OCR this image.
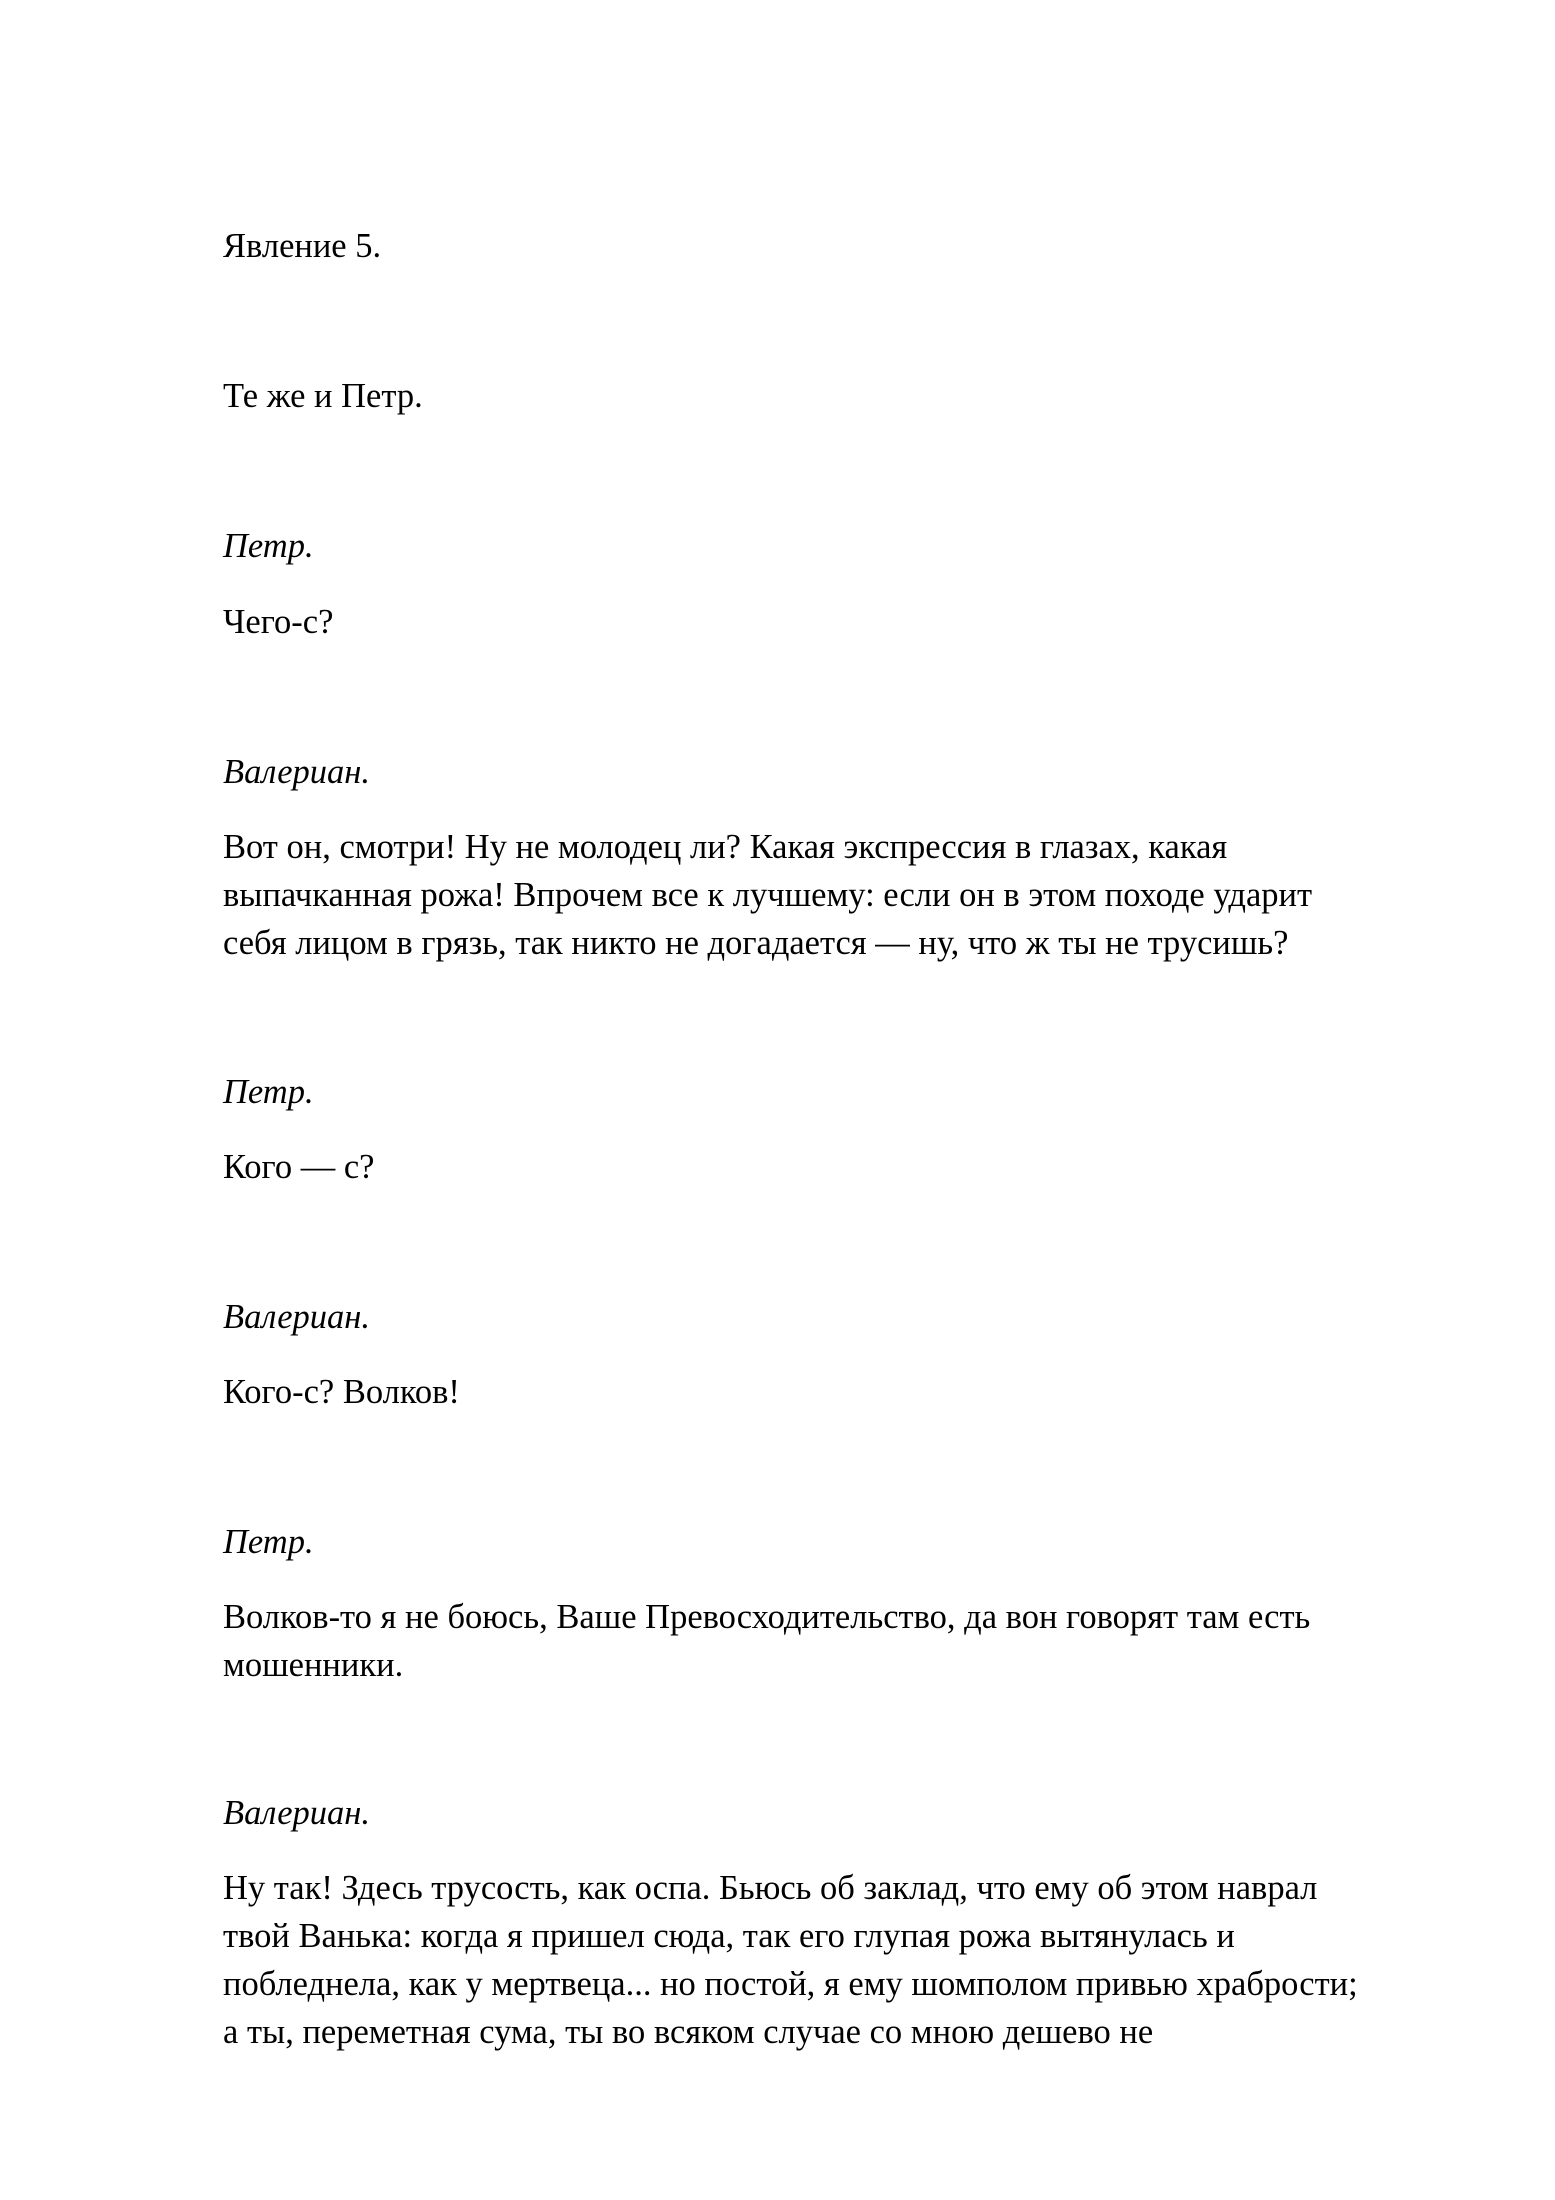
Явление 5.

Те же и Петр.

Петр.

Чего-с?

Валериан.

Вот он, смотри! Ну не молодец ли? Какая экспрессия в глазах, какая
выпачканная рожа! Впрочем все к лучшему: если он в этом походе ударит
себя лицом в грязь, так никто не догадается — ну, что ж ты не трусишь?

Петр.

Кого — с?

Валериан.

Кого-с? Волков!

Петр.

Волков-то я не боюсь, Ваше Превосходительство, да вон говорят там есть
мошенники.

Валериан.

Ну так! Здесь трусость, как оспа. Бьюсь об заклад, что ему об этом наврал
твой Ванька: когда я пришел сюда, так его глупая рожа вытянулась и
побледнела, как у мертвеца... но постой, я ему шомполом привью храбрости;
а ты, переметная сума, ты во всяком случае со мною дешево не
